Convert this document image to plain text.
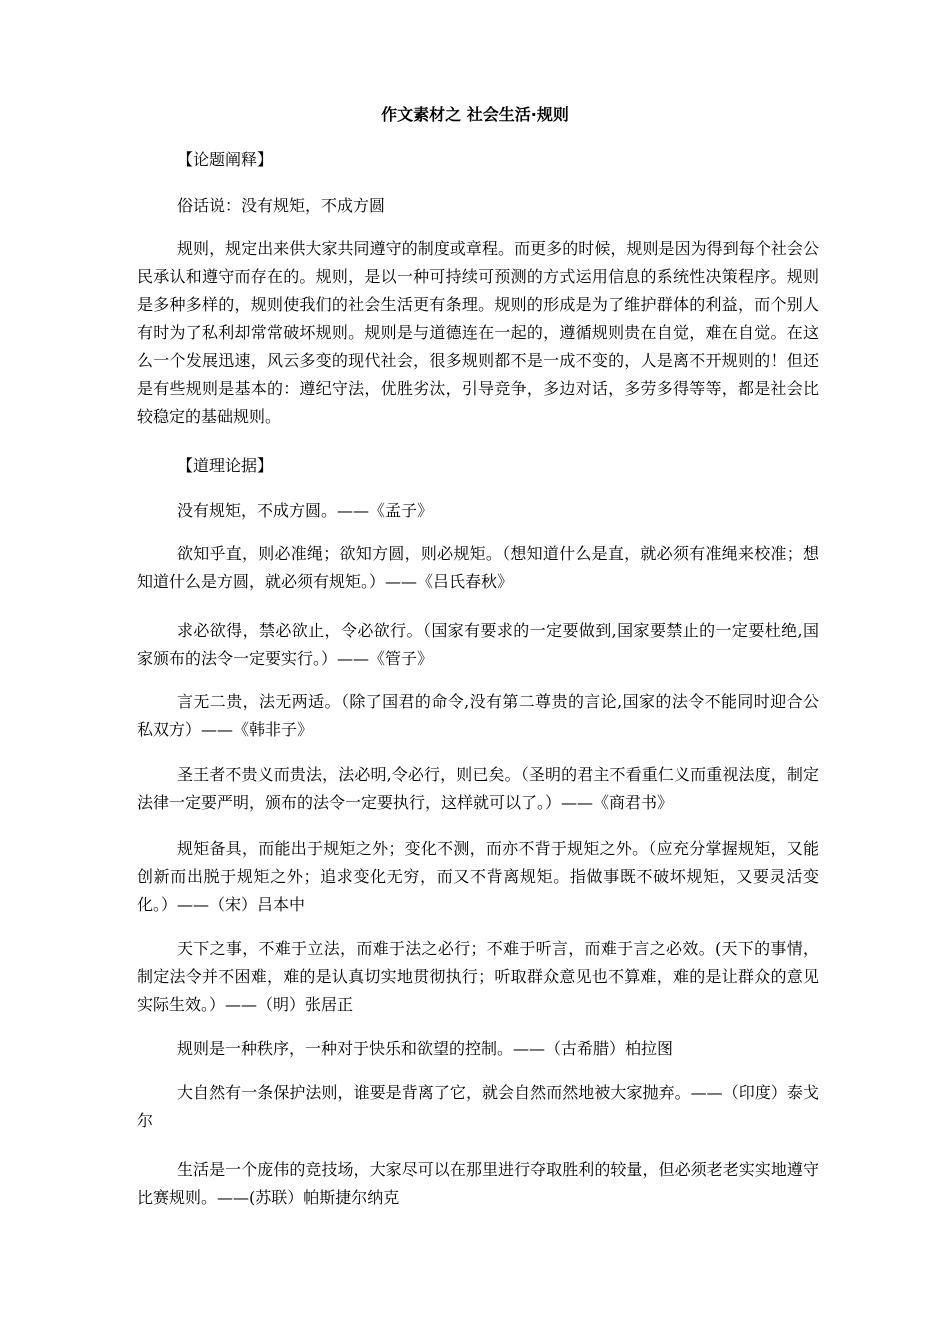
作文素材之 社会生活·规则

【论题阐释】

俗话说：没有规矩，不成方圆

规则，规定出来供大家共同遵守的制度或章程。而更多的时候，规则是因为得到每个社会公民承认和遵守而存在的。规则，是以一种可持续可预测的方式运用信息的系统性决策程序。规则是多种多样的，规则使我们的社会生活更有条理。规则的形成是为了维护群体的利益，而个别人有时为了私利却常常破坏规则。规则是与道德连在一起的，遵循规则贵在自觉，难在自觉。在这么一个发展迅速，风云多变的现代社会，很多规则都不是一成不变的，人是离不开规则的！但还是有些规则是基本的：遵纪守法，优胜劣汰，引导竞争，多边对话，多劳多得等等，都是社会比较稳定的基础规则。

【道理论据】

没有规矩，不成方圆。——《孟子》

欲知乎直，则必准绳；欲知方圆，则必规矩。（想知道什么是直，就必须有准绳来校准；想知道什么是方圆，就必须有规矩。）——《吕氏春秋》

求必欲得，禁必欲止，令必欲行。（国家有要求的一定要做到,国家要禁止的一定要杜绝,国家颁布的法令一定要实行。）——《管子》

言无二贵，法无两适。（除了国君的命令,没有第二尊贵的言论,国家的法令不能同时迎合公私双方）——《韩非子》

圣王者不贵义而贵法，法必明,令必行，则已矣。（圣明的君主不看重仁义而重视法度，制定法律一定要严明，颁布的法令一定要执行，这样就可以了。）——《商君书》

规矩备具，而能出于规矩之外；变化不测，而亦不背于规矩之外。（应充分掌握规矩，又能创新而出脱于规矩之外；追求变化无穷，而又不背离规矩。指做事既不破坏规矩，又要灵活变化。）——（宋）吕本中

天下之事，不难于立法，而难于法之必行；不难于听言，而难于言之必效。(天下的事情，制定法令并不困难，难的是认真切实地贯彻执行；听取群众意见也不算难，难的是让群众的意见实际生效。）——（明）张居正

规则是一种秩序，一种对于快乐和欲望的控制。——（古希腊）柏拉图

大自然有一条保护法则，谁要是背离了它，就会自然而然地被大家抛弃。——（印度）泰戈尔

生活是一个庞伟的竞技场，大家尽可以在那里进行夺取胜利的较量，但必须老老实实地遵守比赛规则。——(苏联）帕斯捷尔纳克
